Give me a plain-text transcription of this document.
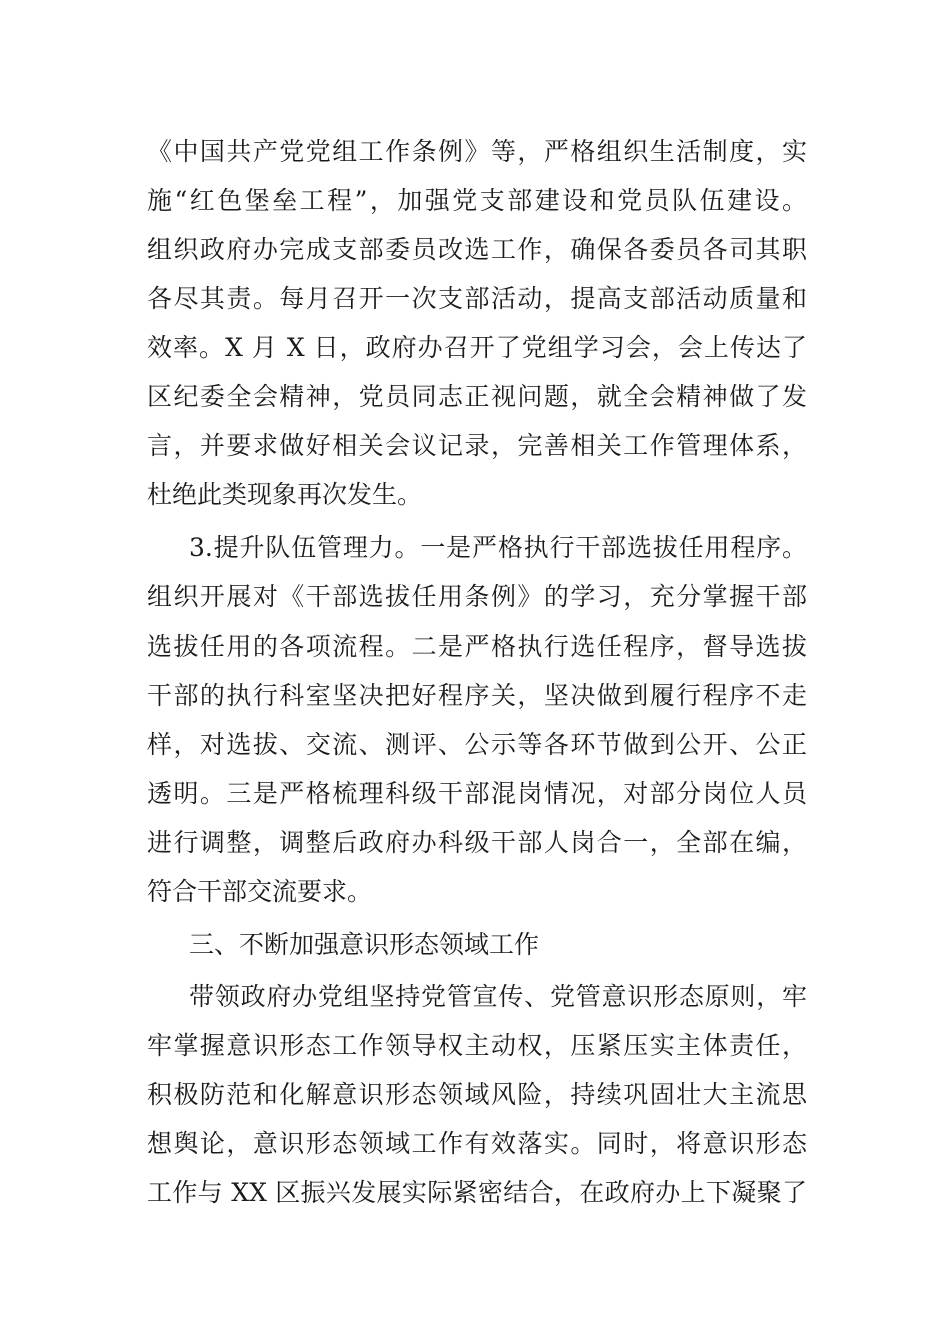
《中国共产党党组工作条例》等，严格组织生活制度，实
施“红色堡垒工程”，加强党支部建设和党员队伍建设。
组织政府办完成支部委员改选工作，确保各委员各司其职
各尽其责。每月召开一次支部活动，提高支部活动质量和
效率。X 月 X 日，政府办召开了党组学习会，会上传达了
区纪委全会精神，党员同志正视问题，就全会精神做了发
言，并要求做好相关会议记录，完善相关工作管理体系，
杜绝此类现象再次发生。
3.提升队伍管理力。一是严格执行干部选拔任用程序。
组织开展对《干部选拔任用条例》的学习，充分掌握干部
选拔任用的各项流程。二是严格执行选任程序，督导选拔
干部的执行科室坚决把好程序关，坚决做到履行程序不走
样，对选拔、交流、测评、公示等各环节做到公开、公正
透明。三是严格梳理科级干部混岗情况，对部分岗位人员
进行调整，调整后政府办科级干部人岗合一，全部在编，
符合干部交流要求。
三、不断加强意识形态领域工作
带领政府办党组坚持党管宣传、党管意识形态原则，牢
牢掌握意识形态工作领导权主动权，压紧压实主体责任，
积极防范和化解意识形态领域风险，持续巩固壮大主流思
想舆论，意识形态领域工作有效落实。同时，将意识形态
工作与 XX 区振兴发展实际紧密结合，在政府办上下凝聚了
